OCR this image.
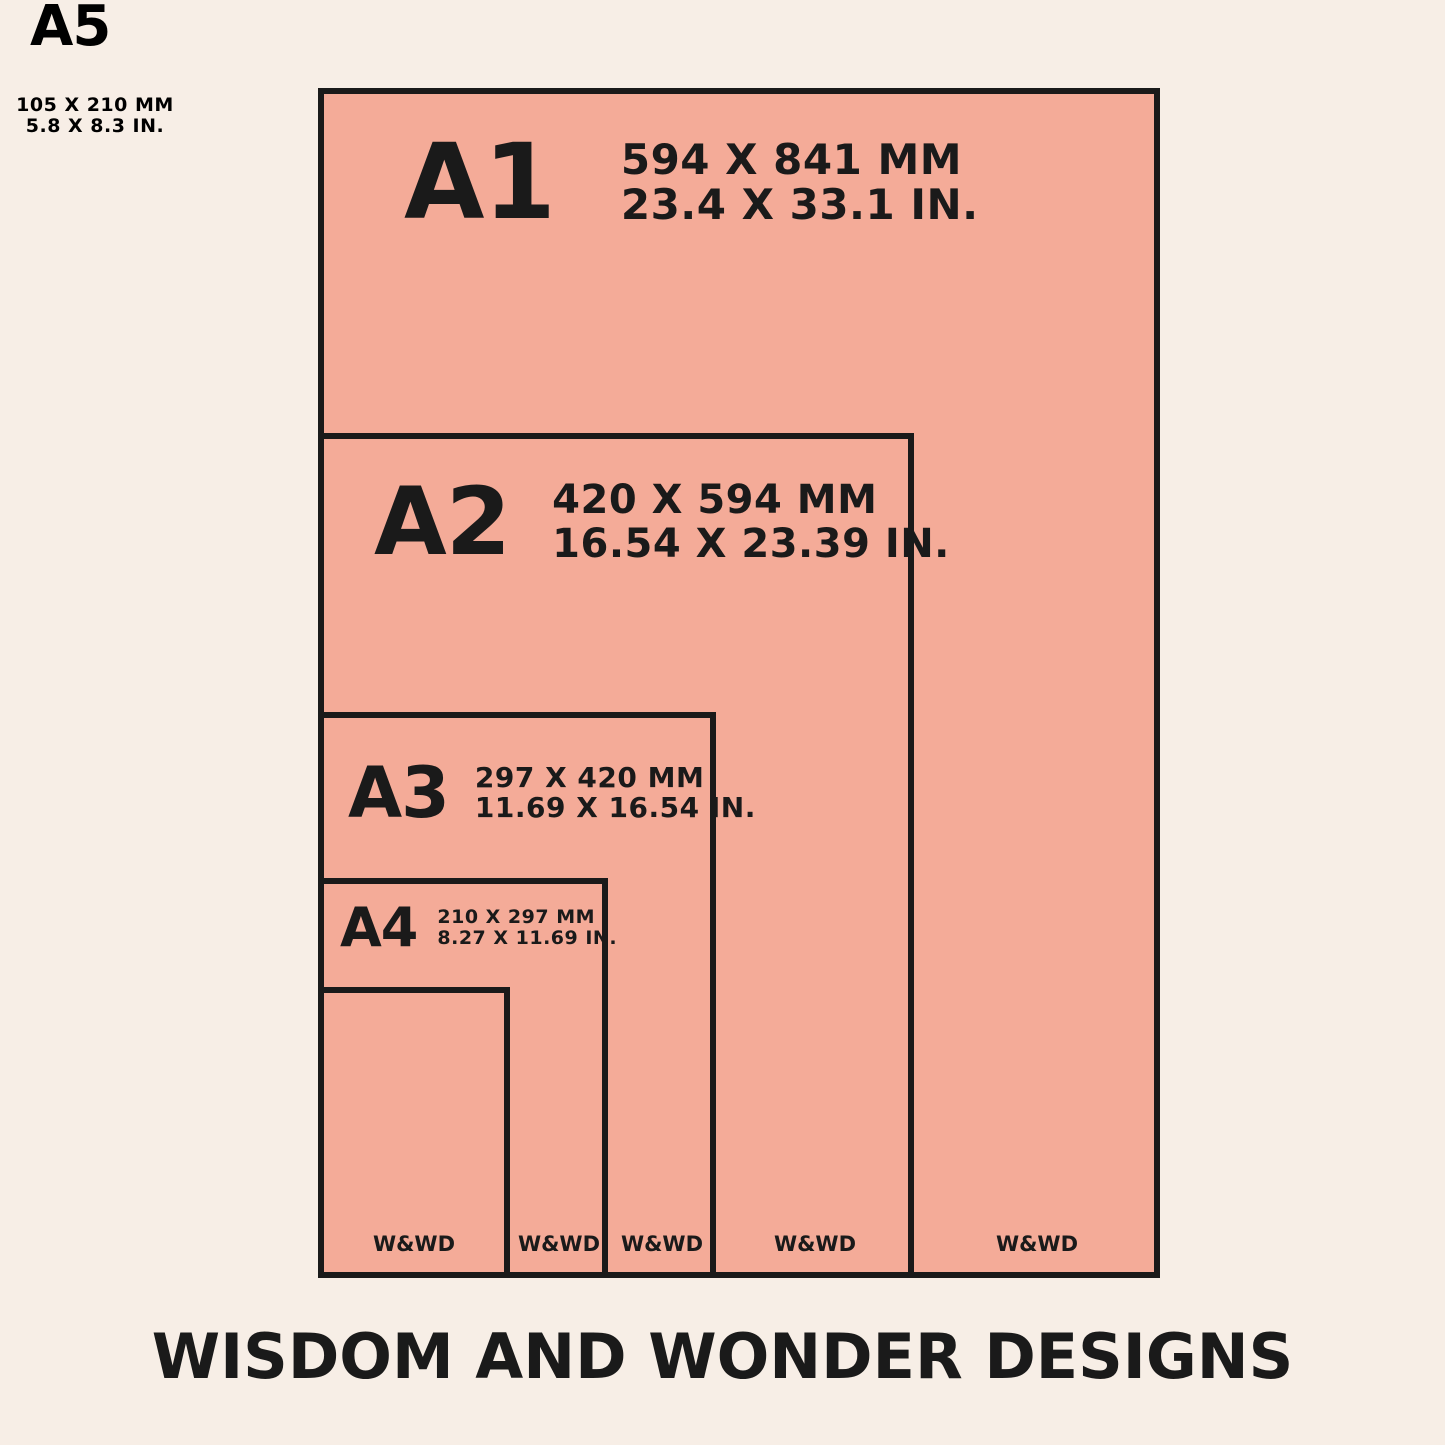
A1 594 X 841 MM
23.4 X 33.1 IN.
A2 420 X 594 MM
16.54 X 23.39 IN.
A3 297 X 420 MM
11.69 X 16.54 IN.
A4 210 X 297 MM
8.27 X 11.69 IN.
A5
105 X 210 MM
5.8 X 8.3 IN.
WISDOM AND WONDER DESIGNS
